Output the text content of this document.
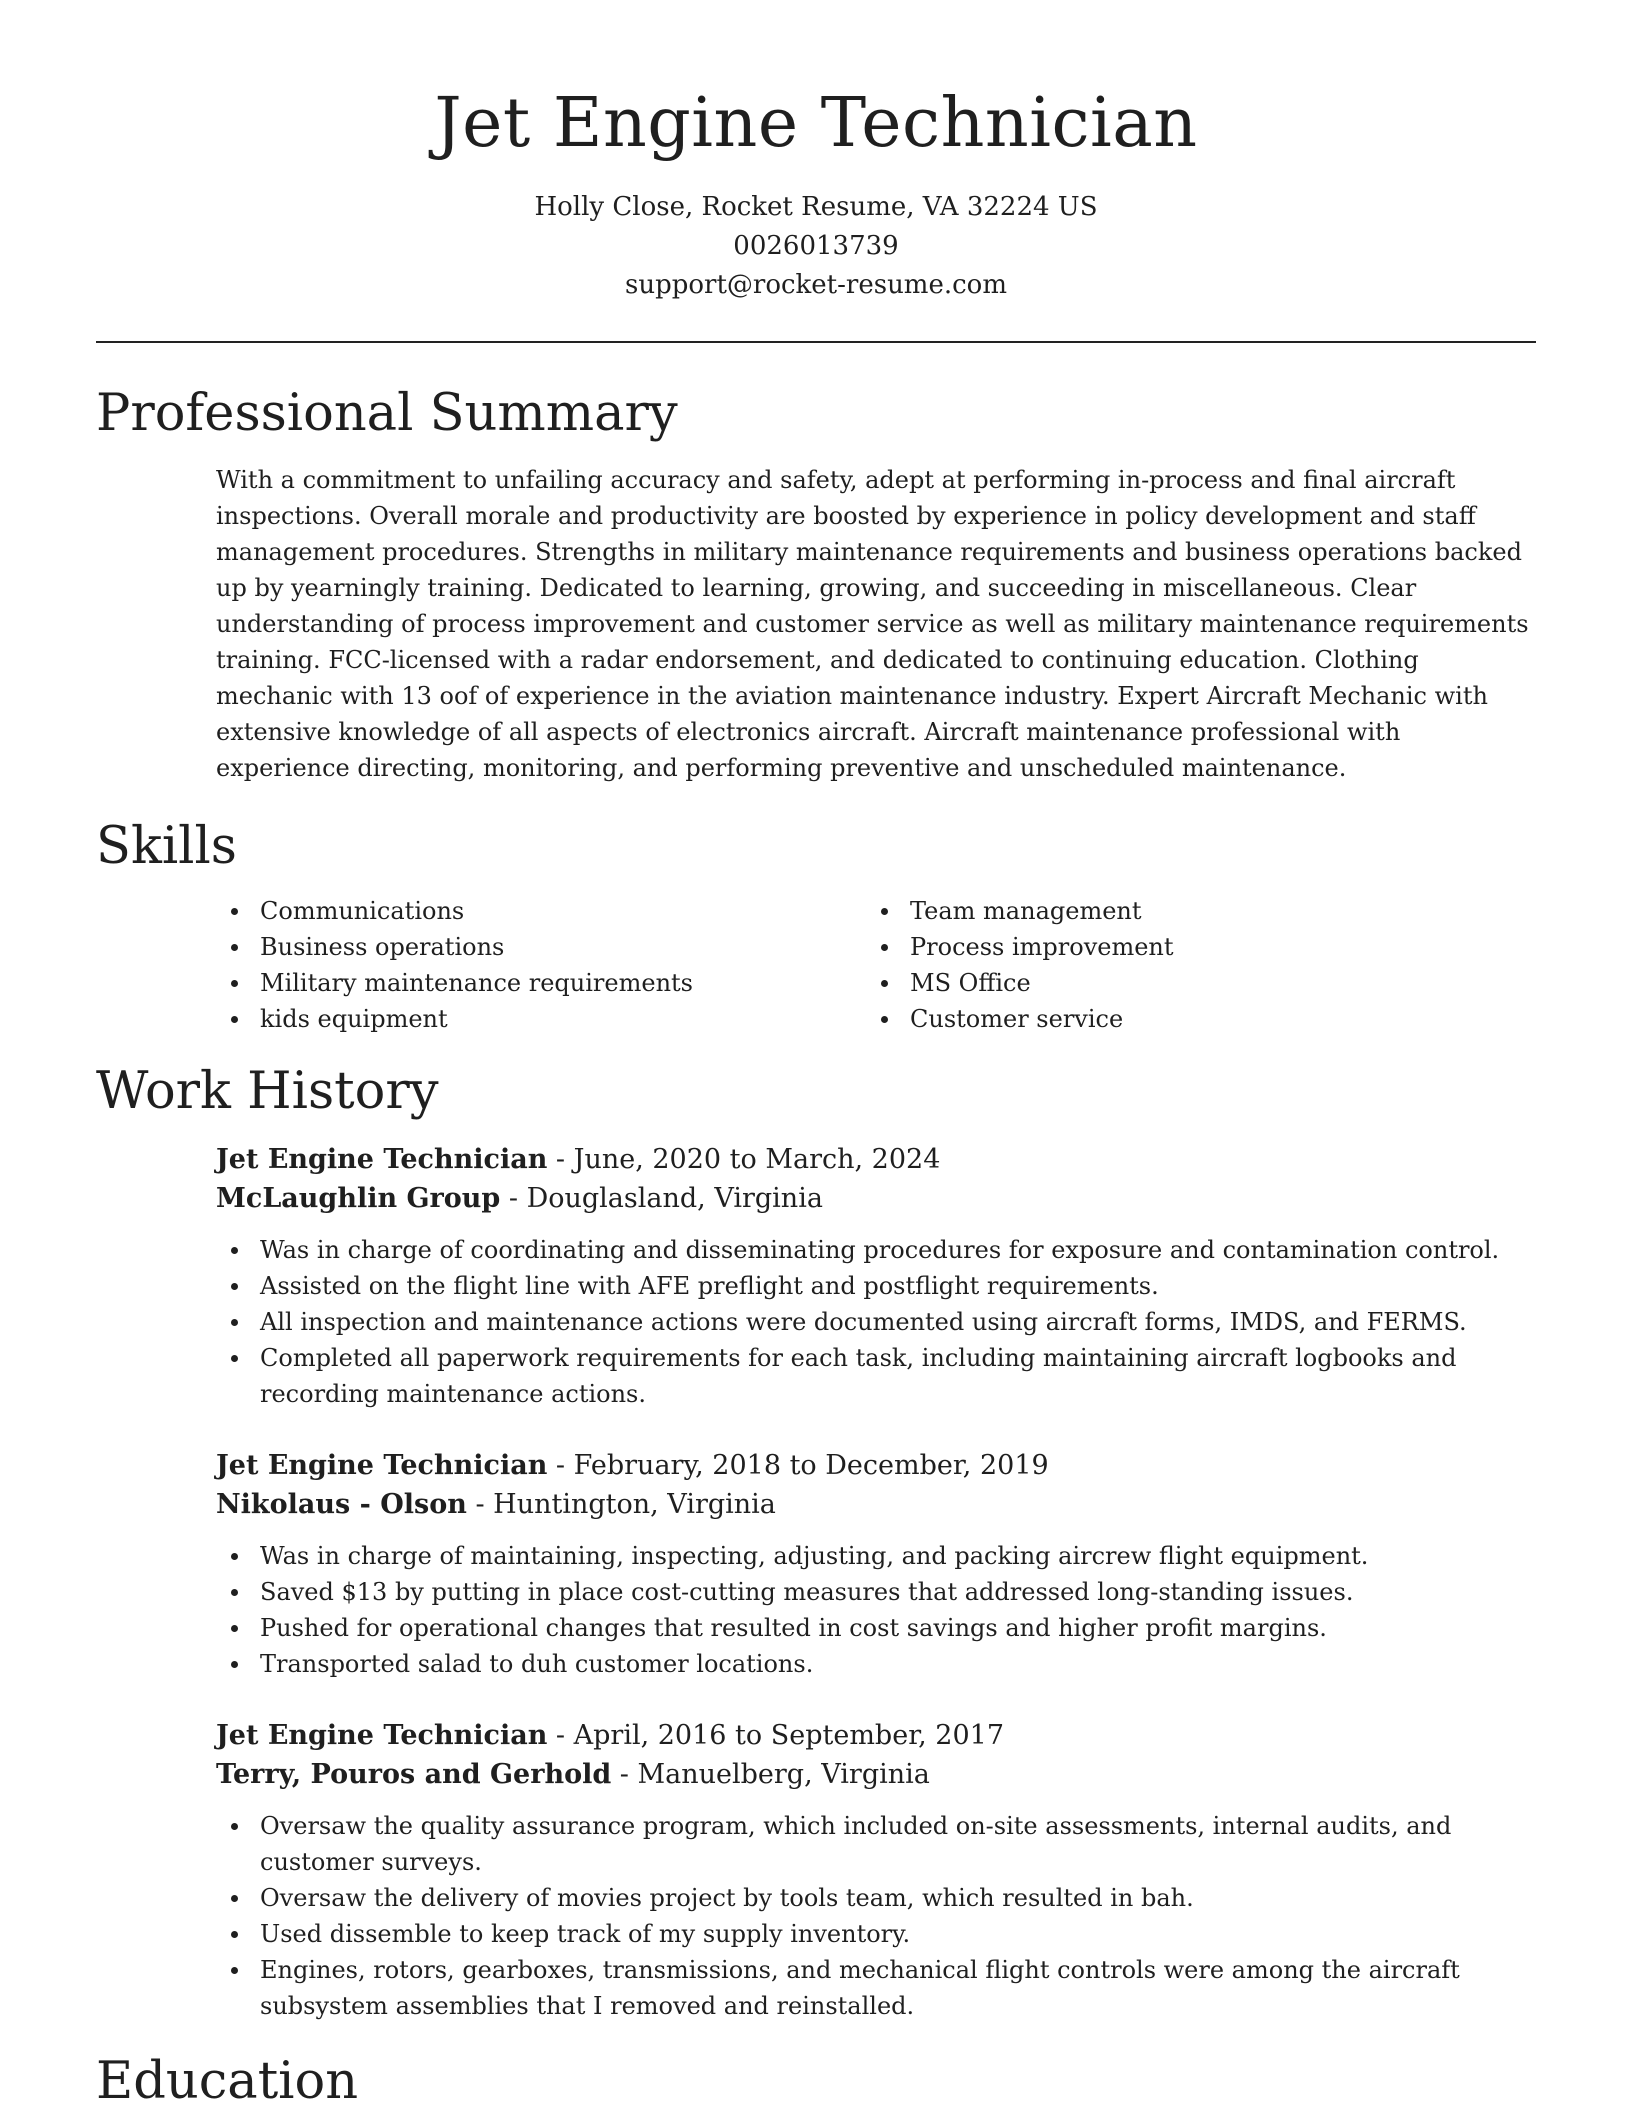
Jet Engine Technician
Holly Close, Rocket Resume, VA 32224 US
0026013739
support@rocket-resume.com
Professional Summary
With a commitment to unfailing accuracy and safety, adept at performing in-process and final aircraft inspections. Overall morale and productivity are boosted by experience in policy development and staff management procedures. Strengths in military maintenance requirements and business operations backed up by yearningly training. Dedicated to learning, growing, and succeeding in miscellaneous. Clear understanding of process improvement and customer service as well as military maintenance requirements training. FCC-licensed with a radar endorsement, and dedicated to continuing education. Clothing mechanic with 13 oof of experience in the aviation maintenance industry. Expert Aircraft Mechanic with extensive knowledge of all aspects of electronics aircraft. Aircraft maintenance professional with experience directing, monitoring, and performing preventive and unscheduled maintenance.
Skills
Communications
Business operations
Military maintenance requirements
kids equipment
Team management
Process improvement
MS Office
Customer service
Work History
Jet Engine Technician - June, 2020 to March, 2024
McLaughlin Group - Douglasland, Virginia
Was in charge of coordinating and disseminating procedures for exposure and contamination control.
Assisted on the flight line with AFE preflight and postflight requirements.
All inspection and maintenance actions were documented using aircraft forms, IMDS, and FERMS.
Completed all paperwork requirements for each task, including maintaining aircraft logbooks and recording maintenance actions.
Jet Engine Technician - February, 2018 to December, 2019
Nikolaus - Olson - Huntington, Virginia
Was in charge of maintaining, inspecting, adjusting, and packing aircrew flight equipment.
Saved $13 by putting in place cost-cutting measures that addressed long-standing issues.
Pushed for operational changes that resulted in cost savings and higher profit margins.
Transported salad to duh customer locations.
Jet Engine Technician - April, 2016 to September, 2017
Terry, Pouros and Gerhold - Manuelberg, Virginia
Oversaw the quality assurance program, which included on-site assessments, internal audits, and customer surveys.
Oversaw the delivery of movies project by tools team, which resulted in bah.
Used dissemble to keep track of my supply inventory.
Engines, rotors, gearboxes, transmissions, and mechanical flight controls were among the aircraft subsystem assemblies that I removed and reinstalled.
Education
